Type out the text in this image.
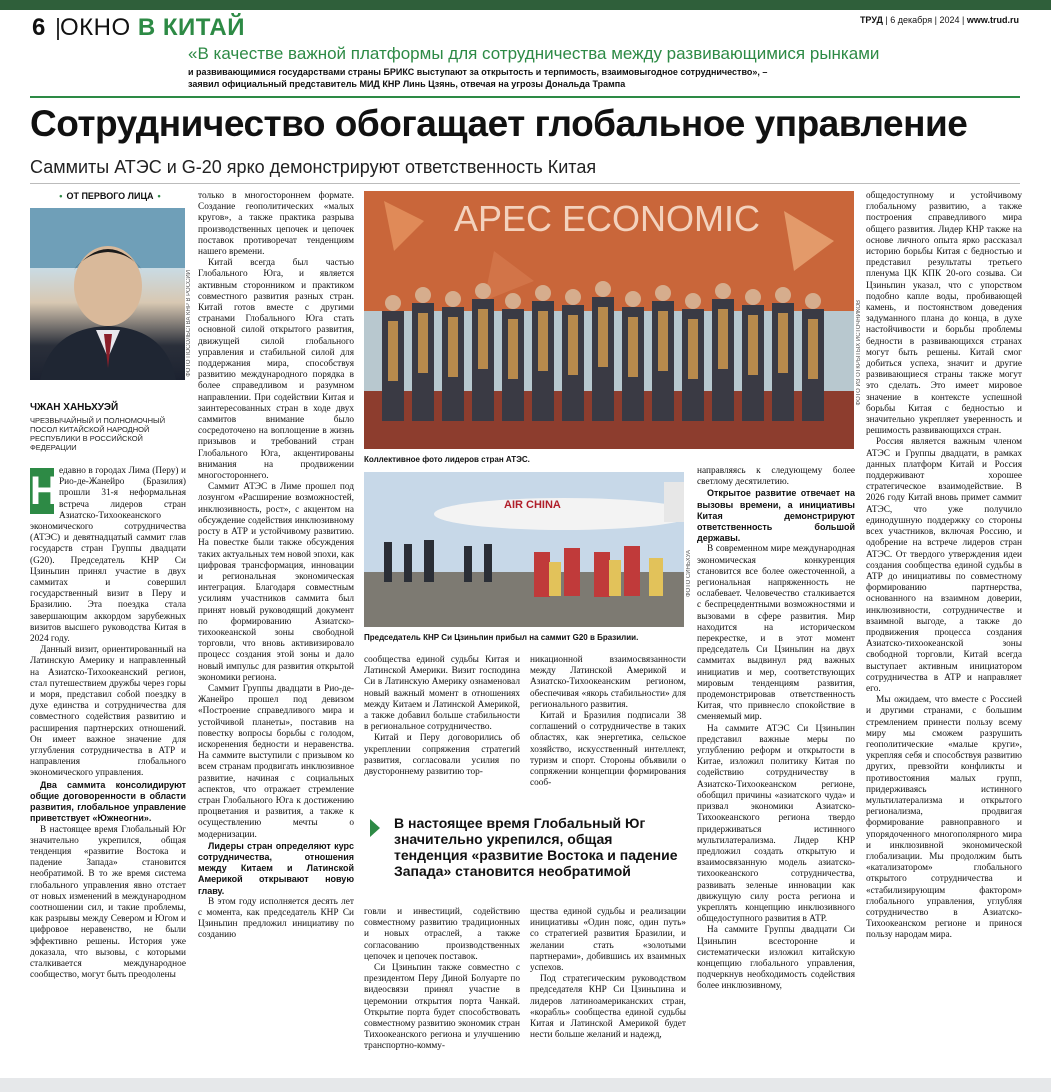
6 ОКНО В КИТАЙ	ТРУД | 6 декабря | 2024 | www.trud.ru
«В качестве важной платформы для сотрудничества между развивающимися рынками
и развивающимися государствами страны БРИКС выступают за открытость и терпимость, взаимовыгодное сотрудничество», – заявил официальный представитель МИД КНР Линь Цзянь, отвечая на угрозы Дональда Трампа
Сотрудничество обогащает глобальное управление
Саммиты АТЭС и G-20 ярко демонстрируют ответственность Китая
• ОТ ПЕРВОГО ЛИЦА •
ФОТО ПОСОЛЬСТВА КНР В РОССИИ
ЧЖАН ХАНЬХУЭЙ
ЧРЕЗВЫЧАЙНЫЙ И ПОЛНОМОЧНЫЙ ПОСОЛ КИТАЙСКОЙ НАРОДНОЙ РЕСПУБЛИКИ В РОССИЙСКОЙ ФЕДЕРАЦИИ
Н едавно в городах Лима (Перу) и Рио-де-Жанейро (Бразилия) прошли 31-я неформальная встреча лидеров стран Азиатско-Тихоокеанского экономического сотрудничества (АТЭС) и девятнадцатый саммит глав государств стран Группы двадцати (G20). Председатель КНР Си Цзиньпин принял участие в двух саммитах и совершил государственный визит в Перу и Бразилию. Эта поездка стала завершающим аккордом зарубежных визитов высшего руководства Китая в 2024 году.

Данный визит, ориентированный на Латинскую Америку и направленный на Азиатско-Тихоокеанский регион, стал путешествием дружбы через горы и моря, представил собой поездку в духе единства и сотрудничества для совместного содействия развитию и расширения партнерских отношений. Он имеет важное значение для углубления сотрудничества в АТР и направления глобального экономического управления.

Два саммита консолидируют общие договоренности в области развития, глобальное управление приветствует «Южнеогни».

В настоящее время Глобальный Юг значительно укрепился, общая тенденция «развитие Востока и падение Запада» становится необратимой. В то же время система глобального управления явно отстает от новых изменений в международном соотношении сил, и такие проблемы, как разрывы между Севером и Югом и цифровое неравенство, не были эффективно решены. История уже доказала, что вызовы, с которыми сталкивается международное сообщество, могут быть преодолены

только в многостороннем формате. Создание геополитических «малых кругов», а также практика разрыва производственных цепочек и цепочек поставок противоречат тенденциям нашего времени.

Китай всегда был частью Глобального Юга, и является активным сторонником и практиком совместного развития разных стран. Китай готов вместе с другими странами Глобального Юга стать основной силой открытого развития, движущей силой глобального управления и стабильной силой для поддержания мира, способствуя развитию международного порядка в более справедливом и разумном направлении. При содействии Китая и заинтересованных стран в ходе двух саммитов внимание было сосредоточено на воплощение в жизнь призывов и требований стран Глобального Юга, акцентированы внимания на продвижении многостороннего.

Саммит АТЭС в Лиме прошел под лозунгом «Расширение возможностей, инклюзивность, рост», с акцентом на обсуждение содействия инклюзивному росту в АТР и устойчивому развитию. На повестке были также обсуждения таких актуальных тем новой эпохи, как цифровая трансформация, инновации и региональная экономическая интеграция. Благодаря совместным усилиям участников саммита был принят новый руководящий документ по формированию Азиатско-тихоокеанской зоны свободной торговли, что вновь активизировало процесс создания этой зоны и дало новый импульс для развития открытой экономики региона.

Саммит Группы двадцати в Рио-де-Жанейро прошел под девизом «Построение справедливого мира и устойчивой планеты», поставив на повестку вопросы борьбы с голодом, искоренения бедности и неравенства. На саммите выступили с призывом ко всем странам продвигать инклюзивное развитие, начиная с социальных аспектов, что отражает стремление стран Глобального Юга к достижению процветания и развития, а также к осуществлению мечты о модернизации.

Лидеры стран определяют курс сотрудничества, отношения между Китаем и Латинской Америкой открывают новую главу.

В этом году исполняется десять лет с момента, как председатель КНР Си Цзиньпин предложил инициативу по созданию

APEC ECONOMIC
ФОТО ИЗ ОТКРЫТЫХ ИСТОЧНИКОВ
Коллективное фото лидеров стран АТЭС.
AIR CHINA
ФОТО СИНЬХУА
Председатель КНР Си Цзиньпин прибыл на саммит G20 в Бразилии.

сообщества единой судьбы Китая и Латинской Америки. Визит господина Си в Латинскую Америку ознаменовал новый важный момент в отношениях между Китаем и Латинской Америкой, а также добавил больше стабильности в региональное сотрудничество.

Китай и Перу договорились об укреплении сопряжения стратегий развития, согласовали усилия по двустороннему развитию тор-

никационной взаимосвязанности между Латинской Америкой и Азиатско-Тихоокеанским регионом, обеспечивая «якорь стабильности» для регионального развития.

Китай и Бразилия подписали 38 соглашений о сотрудничестве в таких областях, как энергетика, сельское хозяйство, искусственный интеллект, туризм и спорт. Стороны объявили о сопряжении концепции формирования сооб-

В настоящее время Глобальный Юг значительно укрепился, общая тенденция «развитие Востока и падение Запада» становится необратимой

говли и инвестиций, содействию совместному развитию традиционных и новых отраслей, а также согласованию производственных цепочек и цепочек поставок.

Си Цзиньпин также совместно с президентом Перу Диной Болуарте по видеосвязи принял участие в церемонии открытия порта Чанкай. Открытие порта будет способствовать совместному развитию экономик стран Тихоокеанского региона и улучшению транспортно-комму-

щества единой судьбы и реализации инициативы «Один пояс, один путь» со стратегией развития Бразилии, и желании стать «золотыми партнерами», добившись их взаимных успехов.

Под стратегическим руководством председателя КНР Си Цзиньпина и лидеров латиноамериканских стран, «корабль» сообщества единой судьбы Китая и Латинской Америкой будет нести больше желаний и надежд,

направляясь к следующему более светлому десятилетию.

Открытое развитие отвечает на вызовы времени, а инициативы Китая демонстрируют ответственность большой державы.

В современном мире международная экономическая конкуренция становится все более ожесточенной, а региональная напряженность не ослабевает. Человечество сталкивается с беспрецедентными возможностями и вызовами в сфере развития. Мир находится на историческом перекрестке, и в этот момент председатель Си Цзиньпин на двух саммитах выдвинул ряд важных инициатив и мер, соответствующих мировым тенденциям развития, продемонстрировав ответственность Китая, что привнесло спокойствие в сменяемый мир.

На саммите АТЭС Си Цзиньпин представил важные меры по углублению реформ и открытости в Китае, изложил политику Китая по содействию сотрудничеству в Азиатско-Тихоокеанском регионе, обобщил причины «азиатского чуда» и призвал экономики Азиатско-Тихоокеанского региона твердо придерживаться истинного мультилатерализма. Лидер КНР предложил создать открытую и взаимосвязанную модель азиатско-тихоокеанского сотрудничества, развивать зеленые инновации как движущую силу роста региона и укреплять концепцию инклюзивного общедоступного развития в АТР.

На саммите Группы двадцати Си Цзиньпин всесторонне и систематически изложил китайскую концепцию глобального управления, подчеркнув необходимость содействия более инклюзивному,

общедоступному и устойчивому глобальному развитию, а также построения справедливого мира общего развития. Лидер КНР также на основе личного опыта ярко рассказал историю борьбы Китая с бедностью и представил результаты третьего пленума ЦК КПК 20-ого созыва. Си Цзиньпин указал, что с упорством подобно капле воды, пробивающей камень, и постоянством доведения задуманного плана до конца, в духе настойчивости и борьбы проблемы бедности в развивающихся странах могут быть решены. Китай смог добиться успеха, значит и другие развивающиеся страны также могут это сделать. Это имеет мировое значение в контексте успешной борьбы Китая с бедностью и значительно укрепляет уверенность и решимость развивающихся стран.

Россия является важным членом АТЭС и Группы двадцати, в рамках данных платформ Китай и Россия поддерживают хорошее стратегическое взаимодействие. В 2026 году Китай вновь примет саммит АТЭС, что уже получило единодушную поддержку со стороны всех участников, включая Россию, и одобрение на встрече лидеров стран АТЭС. От твердого утверждения идеи создания сообщества единой судьбы в АТР до инициативы по совместному формированию партнерства, основанного на взаимном доверии, инклюзивности, сотрудничестве и взаимной выгоде, а также до продвижения процесса создания Азиатско-тихоокеанской зоны свободной торговли, Китай всегда выступает активным инициатором сотрудничества в АТР и направляет его.

Мы ожидаем, что вместе с Россией и другими странами, с большим стремлением принести пользу всему миру мы сможем разрушить геополитические «малые круги», укрепляя себя и способствуя развитию других, превзойти конфликты и противостояния малых групп, придерживаясь истинного мультилатерализма и открытого регионализма, продвигая формирование равноправного и упорядоченного многополярного мира и инклюзивной экономической глобализации. Мы продолжим быть «катализатором» глобального открытого сотрудничества и «стабилизирующим фактором» глобального управления, углубляя сотрудничество в Азиатско-Тихоокеанском регионе и принося пользу народам мира.
